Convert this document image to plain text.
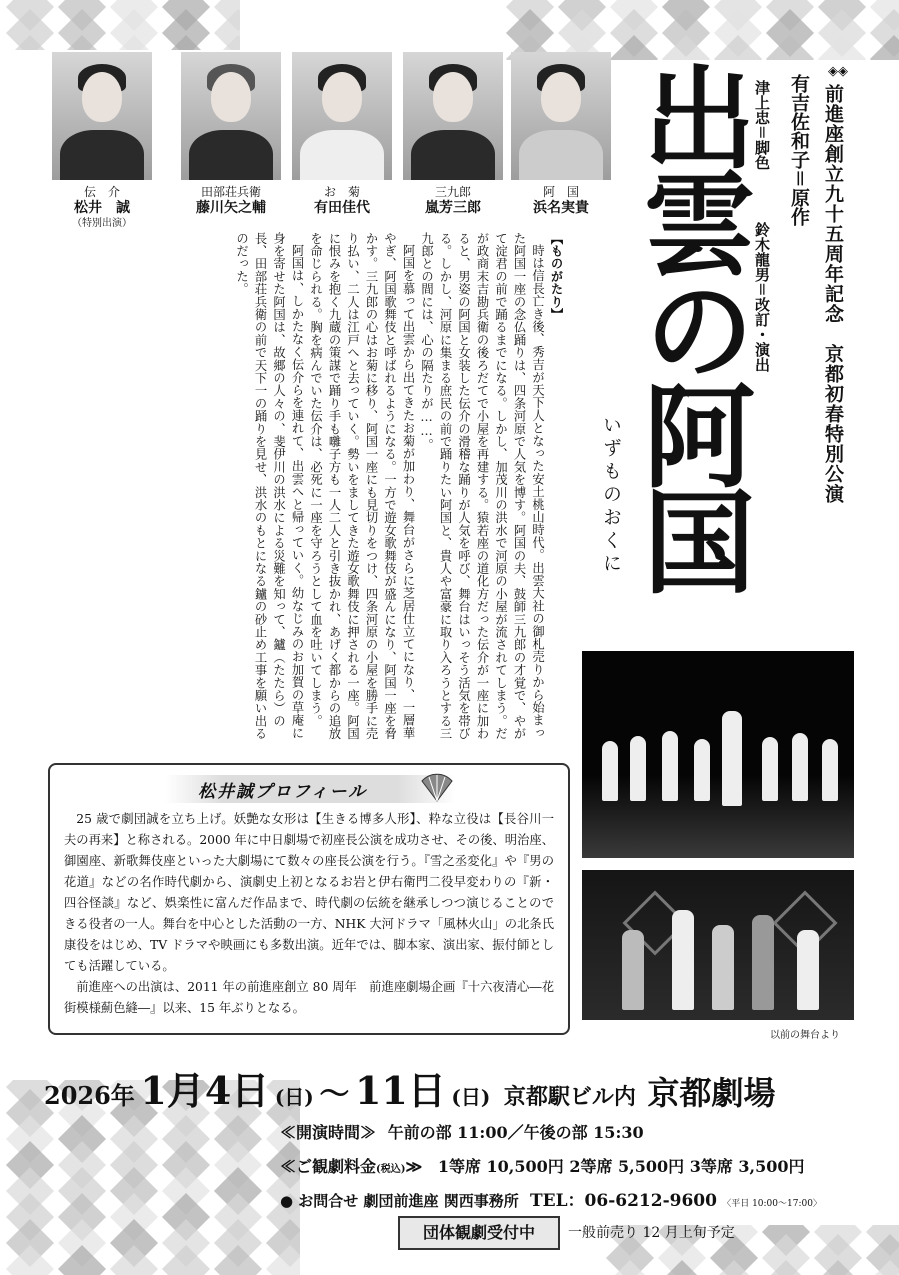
伝　介
松井　誠
（特別出演）
田部荘兵衛
藤川矢之輔
お　菊
有田佳代
三九郎
嵐芳三郎
阿　国
浜名実貴
◈◈
前進座創立九十五周年記念　京都初春特別公演
有吉佐和子＝原作
津上忠＝脚色
鈴木龍男＝改訂・演出
出雲の阿国
いずものおくに
【ものがたり】
時は信長亡き後、秀吉が天下人となった安土桃山時代。出雲大社の御札売りから始まった阿国一座の念仏踊りは、四条河原で人気を博す。阿国の夫、鼓師三九郎の才覚で、やがて淀君の前で踊るまでになる。しかし、加茂川の洪水で河原の小屋が流されてしまう。だが政商末吉勘兵衛の後ろだてで小屋を再建する。猿若座の道化方だった伝介が一座に加わると、男姿の阿国と女装した伝介の滑稽な踊りが人気を呼び、舞台はいっそう活気を帯びる。しかし、河原に集まる庶民の前で踊りたい阿国と、貴人や富豪に取り入ろうとする三九郎との間には、心の隔たりが……。
阿国を慕って出雲から出てきたお菊が加わり、舞台がさらに芝居仕立てになり、一層華やぎ、阿国歌舞伎と呼ばれるようになる。一方で遊女歌舞伎が盛んになり、阿国一座を脅かす。三九郎の心はお菊に移り、阿国一座にも見切りをつけ、四条河原の小屋を勝手に売り払い、二人は江戸へと去っていく。勢いをましてきた遊女歌舞伎に押される一座。阿国に恨みを抱く九蔵の策謀で踊り手も囃子方も一人二人と引き抜かれ、あげく都からの追放を命じられる。胸を病んでいた伝介は、必死に一座を守ろうとして血を吐いてしまう。
阿国は、しかたなく伝介らを連れて、出雲へと帰っていく。幼なじみのお加賀の草庵に身を寄せた阿国は、故郷の人々の、斐伊川の洪水による災難を知って、鑪（たたら）の長、田部荘兵衛の前で天下一の踊りを見せ、洪水のもとになる鑪の砂止め工事を願い出るのだった。
以前の舞台より
松井誠プロフィール
25 歳で劇団誠を立ち上げ。妖艶な女形は【生きる博多人形】、粋な立役は【長谷川一夫の再来】と称される。2000 年に中日劇場で初座長公演を成功させ、その後、明治座、御園座、新歌舞伎座といった大劇場にて数々の座長公演を行う。『雪之丞変化』や『男の花道』などの名作時代劇から、演劇史上初となるお岩と伊右衛門二役早変わりの『新・四谷怪談』など、娯楽性に富んだ作品まで、時代劇の伝統を継承しつつ演じることのできる役者の一人。舞台を中心とした活動の一方、NHK 大河ドラマ「風林火山」の北条氏康役をはじめ、TV ドラマや映画にも多数出演。近年では、脚本家、演出家、振付師としても活躍している。
前進座への出演は、2011 年の前進座創立 80 周年　前進座劇場企画『十六夜清心―花街模様薊色縫―』以来、15 年ぶりとなる。
2026年 1月4日 (日) 〜 11日 (日) 京都駅ビル内 京都劇場
≪開演時間≫ 午前の部 11:00／午後の部 15:30
≪ご観劇料金(税込)≫ 1等席 10,500円 2等席 5,500円 3等席 3,500円
● お問合せ 劇団前進座 関西事務所 TEL：06-6212-9600 〈平日 10:00〜17:00〉
団体観劇受付中	一般前売り 12 月上旬予定
